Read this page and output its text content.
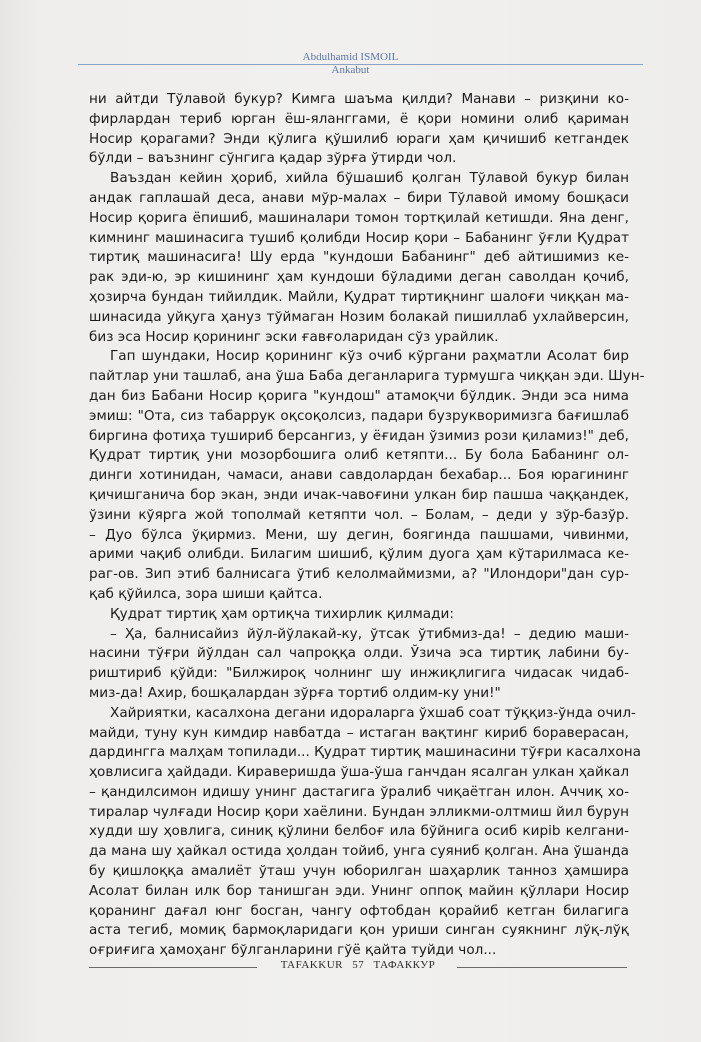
Abdulhamid ISMOIL
Ankabut
ни айтди Тўлавой букур? Кимга шаъма қилди? Манави – ризқини ко-
фирлардан териб юрган ёш-яланггами, ё қори номини олиб қариман
Носир қорагами? Энди қўлига қўшилиб юраги ҳам қичишиб кетгандек
бўлди – ваъзнинг сўнгига қадар зўрға ўтирди чол.
Ваъздан кейин ҳориб, хийла бўшашиб қолган Тўлавой букур билан
андак гаплашай деса, анави мўр-малах – бири Тўлавой имому бошқаси
Носир қорига ёпишиб, машиналари томон тортқилай кетишди. Яна денг,
кимнинг машинасига тушиб қолибди Носир қори – Бабанинг ўғли Қудрат
тиртиқ машинасига! Шу ерда "кундоши Бабанинг" деб айтишимиз ке-
рак эди-ю, эр кишининг ҳам кундоши бўладими деган саволдан қочиб,
ҳозирча бундан тийилдик. Майли, Қудрат тиртиқнинг шалоғи чиққан ма-
шинасида уйқуга ҳануз тўймаган Нозим болакай пишиллаб ухлайверсин,
биз эса Носир қорининг эски ғавғоларидан сўз урайлик.
Гап шундаки, Носир қорининг кўз очиб кўргани раҳматли Асолат бир
пайтлар уни ташлаб, ана ўша Баба деганларига турмушга чиққан эди. Шун-
дан биз Бабани Носир қорига "кундош" атамоқчи бўлдик. Энди эса нима
эмиш: "Ота, сиз табаррук оқсоқолсиз, падари бузрукворимизга бағишлаб
биргина фотиҳа тушириб берсангиз, у ёғидан ўзимиз рози қиламиз!" деб,
Қудрат тиртиқ уни мозорбошига олиб кетяпти... Бу бола Бабанинг ол-
динги хотинидан, чамаси, анави савдолардан бехабар... Боя юрагининг
қичишганича бор экан, энди ичак-чавоғини улкан бир пашша чаққандек,
ўзини кўярга жой тополмай кетяпти чол. – Болам, – деди у зўр-базўр.
– Дуо бўлса ўқирмиз. Мени, шу дегин, боягинда пашшами, чивинми,
арими чақиб олибди. Билагим шишиб, қўлим дуога ҳам кўтарилмаса ке-
раг-ов. Зип этиб балнисага ўтиб келолмаймизми, а? "Илондори"дан сур-
қаб қўйилса, зора шиши қайтса.
Қудрат тиртиқ ҳам ортиқча тихирлик қилмади:
– Ҳа, балнисайиз йўл-йўлакай-ку, ўтсак ўтибмиз-да! – дедию маши-
насини тўғри йўлдан сал чапроққа олди. Ўзича эса тиртиқ лабини бу-
риштириб қўйди: "Билжироқ чолнинг шу инжиқлигига чидасак чидаб-
миз-да! Ахир, бошқалардан зўрға тортиб олдим-ку уни!"
Хайриятки, касалхона дегани идораларга ўхшаб соат тўққиз-ўнда очил-
майди, туну кун кимдир навбатда – истаган вақтинг кириб бораверасан,
дардингга малҳам топилади... Қудрат тиртиқ машинасини тўғри касалхона
ҳовлисига ҳайдади. Кираверишда ўша-ўша ганчдан ясалган улкан ҳайкал
– қандилсимон идишу унинг дастагига ўралиб чиқаётган илон. Аччиқ хо-
тиралар чулғади Носир қори хаёлини. Бундан элликми-олтмиш йил бурун
худди шу ҳовлига, синиқ қўлини белбоғ ила бўйнига осиб кирib келгани-
да мана шу ҳайкал остида ҳолдан тойиб, унга суяниб қолган. Ана ўшанда
бу қишлоққа амалиёт ўташ учун юборилган шаҳарлик танноз ҳамшира
Асолат билан илк бор танишган эди. Унинг оппоқ майин қўллари Носир
қоранинг дағал юнг босган, чангу офтобдан қорайиб кетган билагига
аста тегиб, момиқ бармоқларидаги қон уриши синган суякнинг лўқ-лўқ
оғриғига ҳамоҳанг бўлганларини гўё қайта туйди чол...
TAFAKKUR 57 ТАФАККУР
